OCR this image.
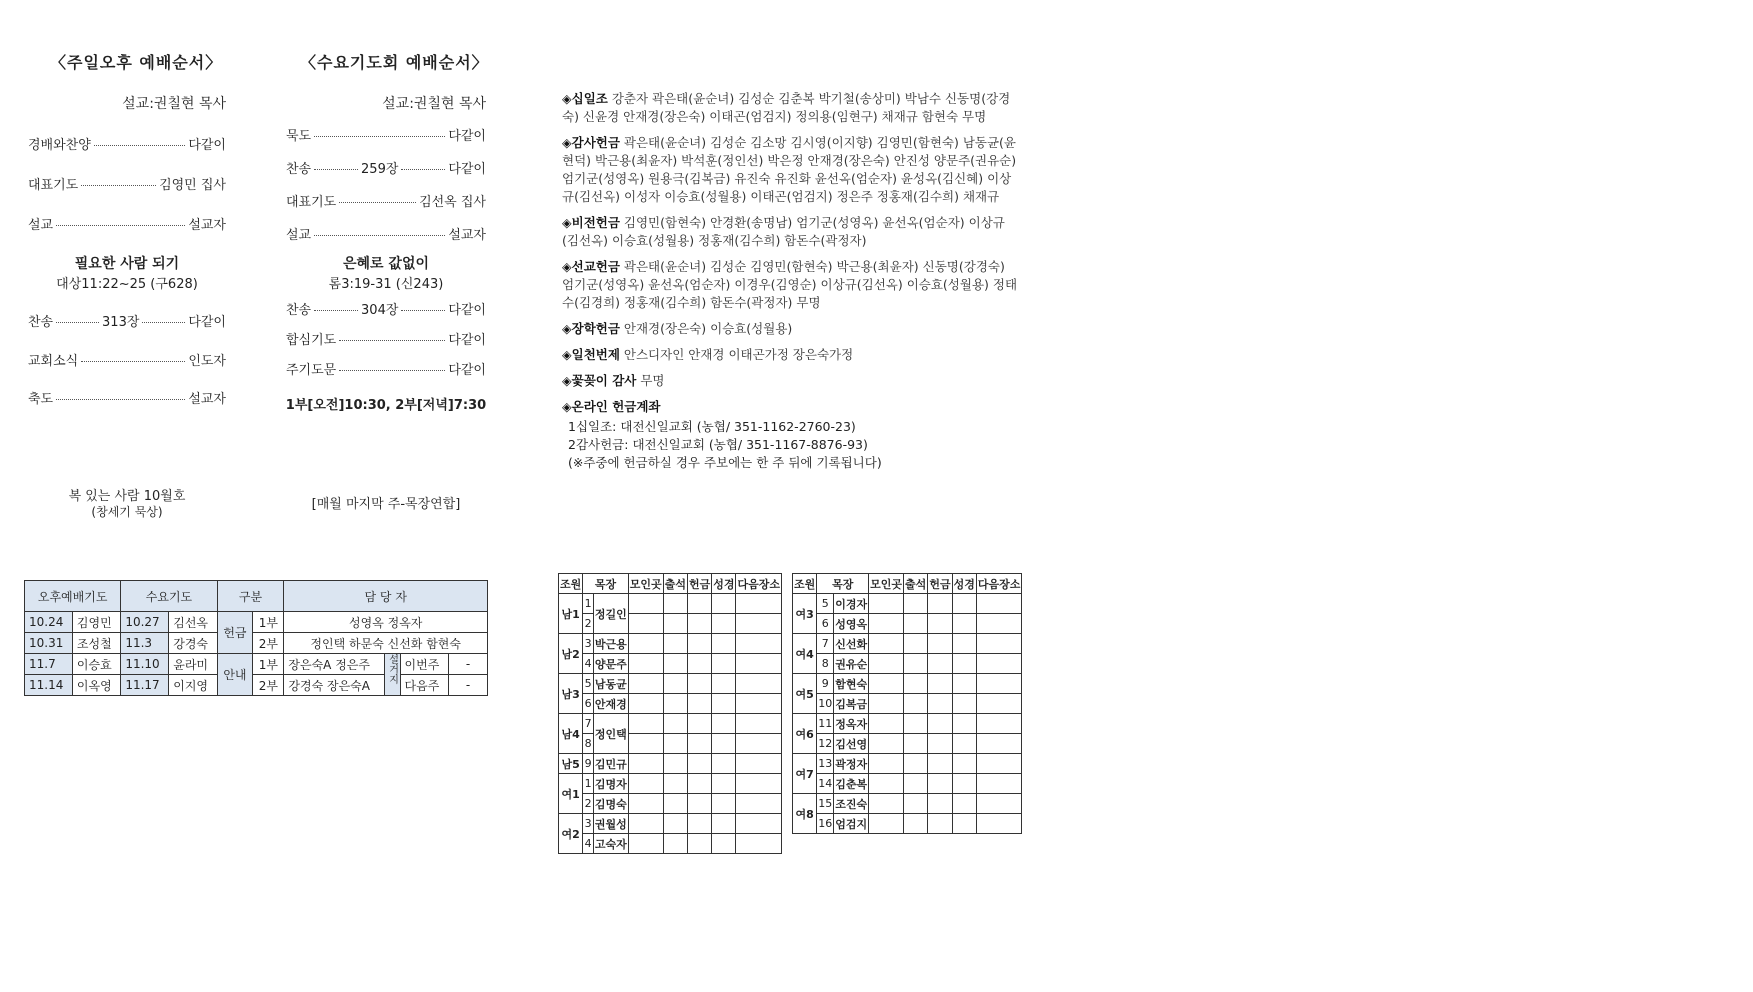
〈주일오후 예배순서〉
설교:권칠현 목사
경배와찬양	다같이
대표기도	김영민 집사
설교	설교자
필요한 사람 되기
대상11:22~25 (구628)
찬송	313장	다같이
교회소식	인도자
축도	설교자
복 있는 사람 10월호
(창세기 묵상)
〈수요기도회 예배순서〉
설교:권칠현 목사
묵도	다같이
찬송	259장	다같이
대표기도	김선옥 집사
설교	설교자
은혜로 값없이
롬3:19-31 (신243)
찬송	304장	다같이
합심기도	다같이
주기도문	다같이
1부[오전]10:30, 2부[저녁]7:30
[매월 마지막 주-목장연합]
◈십일조 강춘자 곽은태(윤순녀) 김성순 김춘복 박기철(송상미) 박남수 신동명(강경숙) 신윤경 안재경(장은숙) 이태곤(엄검지) 정의용(임현구) 채재규 함현숙 무명
◈감사헌금 곽은태(윤순녀) 김성순 김소망 김시영(이지향) 김영민(함현숙) 남동균(윤현덕) 박근용(최윤자) 박석훈(정인선) 박은정 안재경(장은숙) 안진성 양문주(권유순) 엄기군(성영옥) 원용극(김복금) 유진숙 유진화 윤선옥(엄순자) 윤성옥(김신혜) 이상규(김선옥) 이성자 이승효(성월용) 이태곤(엄검지) 정은주 정홍재(김수희) 채재규
◈비전헌금 김영민(함현숙) 안경환(송명남) 엄기군(성영옥) 윤선옥(엄순자) 이상규(김선옥) 이승효(성월용) 정홍재(김수희) 함돈수(곽정자)
◈선교헌금 곽은태(윤순녀) 김성순 김영민(함현숙) 박근용(최윤자) 신동명(강경숙) 엄기군(성영옥) 윤선옥(엄순자) 이경우(김영순) 이상규(김선옥) 이승효(성월용) 정태수(김경희) 정홍재(김수희) 함돈수(곽정자) 무명
◈장학헌금 안재경(장은숙) 이승효(성월용)
◈일천번제 안스디자인 안재경 이태곤가정 장은숙가정
◈꽃꽂이 감사 무명
◈온라인 헌금계좌
1십일조: 대전신일교회 (농협/ 351-1162-2760-23)
2감사헌금: 대전신일교회 (농협/ 351-1167-8876-93)
(※주중에 헌금하실 경우 주보에는 한 주 뒤에 기록됩니다)
오후예배기도		수요기도		구분		담 당 자			
10.24	김영민	10.27	김선옥	헌금	1부	성영옥 정옥자			
10.31	조성철	11.3	강경숙		2부	정인택 하문숙 신선화 함현숙			
11.7	이승효	11.10	윤라미	안내	1부	장은숙A 정은주	설거지	이번주	-
11.14	이옥영	11.17	이지영		2부	강경숙 장은숙A		다음주	-
조원	목장		모인곳	출석	헌금	성경	다음장소
남1	1	정길인					
	2						
남2	3	박근용					
	4	양문주					
남3	5	남동균					
	6	안재경					
남4	7	정인택					
	8						
남5	9	김민규					
여1	1	김명자					
	2	김명숙					
여2	3	권월성					
	4	고숙자					
조원	목장		모인곳	출석	헌금	성경	다음장소
여3	5	이경자					
	6	성영옥					
여4	7	신선화					
	8	권유순					
여5	9	함현숙					
	10	김복금					
여6	11	정옥자					
	12	김선영					
여7	13	곽정자					
	14	김춘복					
여8	15	조진숙					
	16	엄검지					
